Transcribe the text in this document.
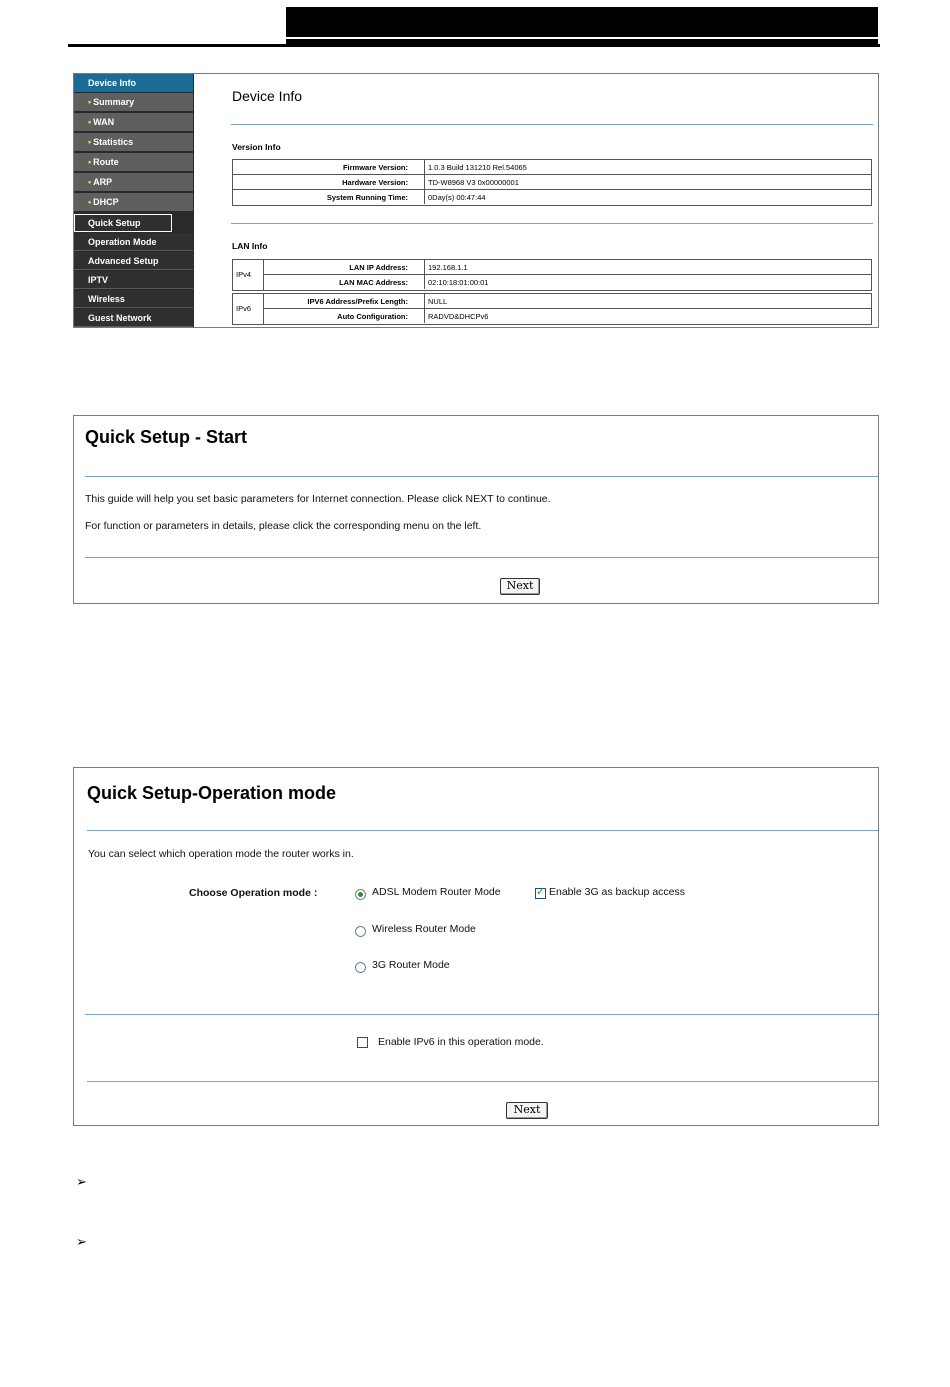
Device Info
• Summary
• WAN
• Statistics
• Route
• ARP
• DHCP
Quick Setup
Operation Mode
Advanced Setup
IPTV
Wireless
Guest Network
Device Info
Version Info
Firmware Version:	1.0.3 Build 131210 Rel.54065
Hardware Version:	TD-W8968 V3 0x00000001
System Running Time:	0Day(s) 00:47:44
LAN Info
IPv4
LAN IP Address:	192.168.1.1
LAN MAC Address:	02:10:18:01:00:01
IPv6
IPV6 Address/Prefix Length:	NULL
Auto Configuration:	RADVD&DHCPv6
Quick Setup - Start
This guide will help you set basic parameters for Internet connection. Please click NEXT to continue.
For function or parameters in details, please click the corresponding menu on the left.
Next
Quick Setup-Operation mode
You can select which operation mode the router works in.
Choose Operation mode :	ADSL Modem Router Mode
✓	Enable 3G as backup access
Wireless Router Mode
3G Router Mode
Enable IPv6 in this operation mode.
Next
➢
➢
